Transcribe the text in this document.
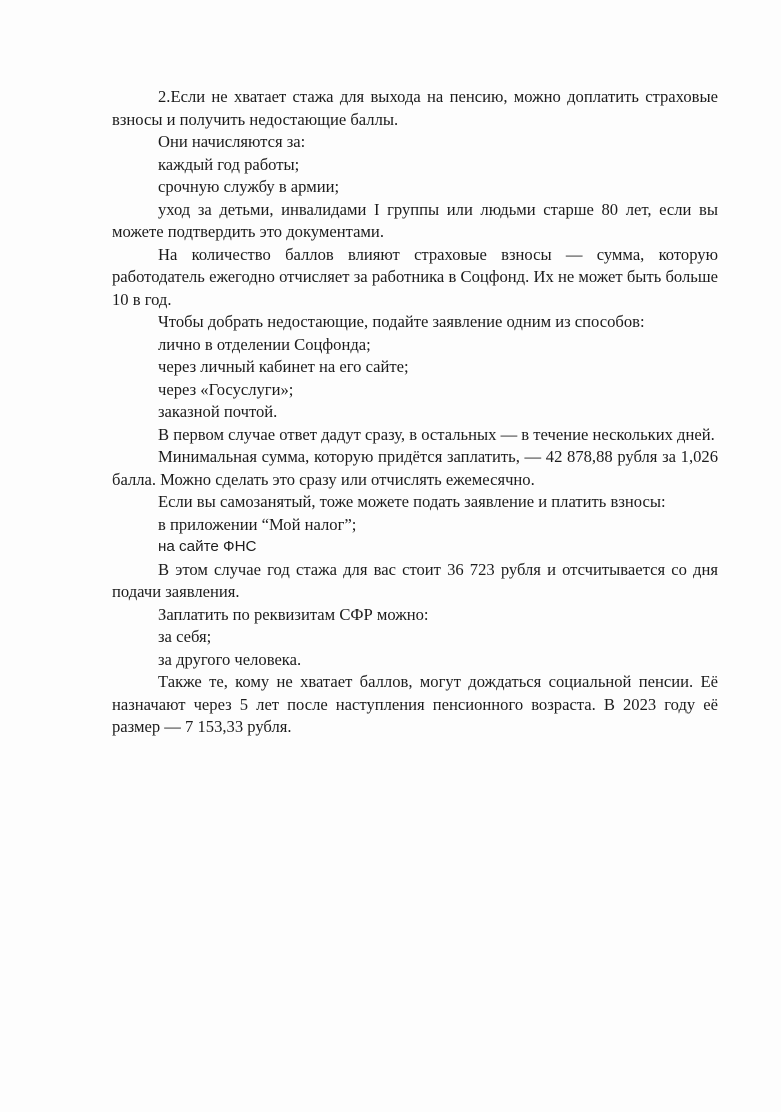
2.Если не хватает стажа для выхода на пенсию, можно доплатить страховые взносы и получить недостающие баллы.

Они начисляются за:

каждый год работы;

срочную службу в армии;

уход за детьми, инвалидами I группы или людьми старше 80 лет, если вы можете подтвердить это документами.

На количество баллов влияют страховые взносы — сумма, которую работодатель ежегодно отчисляет за работника в Соцфонд. Их не может быть больше 10 в год.

Чтобы добрать недостающие, подайте заявление одним из способов:

лично в отделении Соцфонда;

через личный кабинет на его сайте;

через «Госуслуги»;

заказной почтой.

В первом случае ответ дадут сразу, в остальных — в течение нескольких дней.

Минимальная сумма, которую придётся заплатить, — 42 878,88 рубля за 1,026 балла. Можно сделать это сразу или отчислять ежемесячно.

Если вы самозанятый, тоже можете подать заявление и платить взносы:

в приложении “Мой налог”;

на сайте ФНС

В этом случае год стажа для вас стоит 36 723 рубля и отсчитывается со дня подачи заявления.

Заплатить по реквизитам СФР можно:

за себя;

за другого человека.

Также те, кому не хватает баллов, могут дождаться социальной пенсии. Её назначают через 5 лет после наступления пенсионного возраста. В 2023 году её размер — 7 153,33 рубля.
